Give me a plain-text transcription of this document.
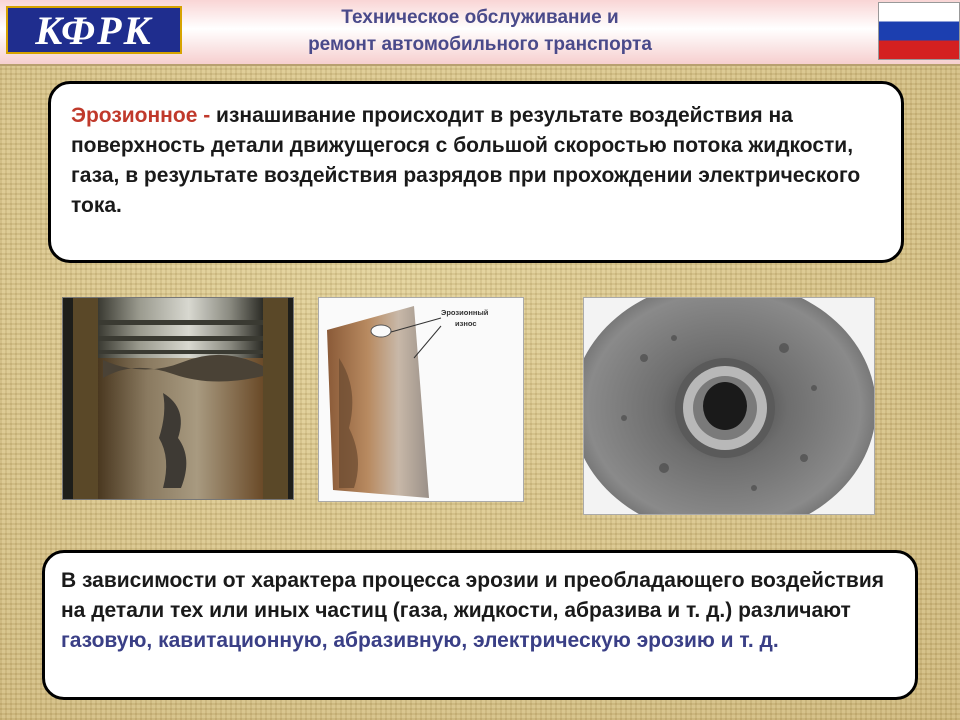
КФРК	Техническое обслуживание и
ремонт автомобильного транспорта
Эрозионное - изнашивание происходит в результате воздействия на поверхность детали движущегося с большой скоростью потока жидкости, газа, в результате воздействия разрядов при прохождении электрического тока.
Эрозионный
износ
В зависимости от характера процесса эрозии и преобладающего воздействия на детали тех или иных частиц (газа, жидкости, абразива и т. д.) различают газовую, кавитационную, абразивную, электрическую эрозию и т. д.
